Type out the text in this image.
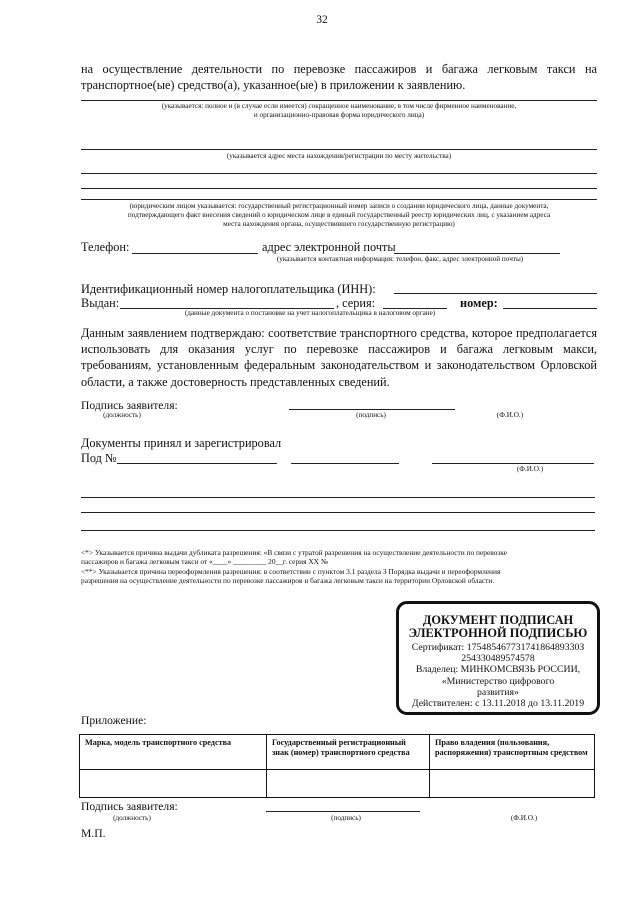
32
на осуществление деятельности по перевозке пассажиров и багажа легковым такси на
транспортное(ые) средство(а), указанное(ые) в приложении к заявлению.
(указывается: полное и (в случае если имеется) сокращенное наименование, в том числе фирменное наименование,
и организационно-правовая форма юридического лица)
(указывается адрес места нахождения/регистрации по месту жительства)
(юридическим лицом указывается: государственный регистрационный номер записи о создании юридического лица, данные документа,
подтверждающего факт внесения сведений о юридическом лице в единый государственный реестр юридических лиц, с указанием адреса
места нахождения органа, осуществившего государственную регистрацию)
Телефон:	адрес электронной почты
(указывается контактная информация: телефон, факс, адрес электронной почты)
Идентификационный номер налогоплательщика (ИНН):
Выдан:	, серия:	номер:
(данные документа о постановке на учет налогоплательщика в налоговом органе)
Данным заявлением подтверждаю: соответствие транспортного средства, которое предполагается использовать для оказания услуг по перевозке пассажиров и багажа легковым макси, требованиям, установленным федеральным законодательством и законодательством Орловской области, а также достоверность представленных сведений.
Подпись заявителя:
(должность)	(подпись)	(Ф.И.О.)
Документы принял и зарегистрировал
Под №
(Ф.И.О.)
<*> Указывается причина выдачи дубликата разрешения: «В связи с утратой разрешения на осуществление деятельности по перевозке
пассажиров и багажа легковым такси от «____» _________ 20__г. серия ХХ №
<**> Указывается причина переоформления разрешения: в соответствии с пунктом 3.1 раздела 3 Порядка выдачи и переоформления
разрешения на осуществление деятельности по перевозке пассажиров и багажа легковым такси на территории Орловской области.
ДОКУМЕНТ ПОДПИСАН
ЭЛЕКТРОННОЙ ПОДПИСЬЮ
Сертификат: 17548546773174186489330З
254330489574578
Владелец: МИНКОМСВЯЗЬ РОССИИ,
«Министерство цифрового
развития»
Действителен: с 13.11.2018 до 13.11.2019
Приложение:
Марка, модель транспортного средства	Государственный регистрационный знак (номер) транспортного средства	Право владения (пользования, распоряжения) транспортным средством

Подпись заявителя:
(должность)	(подпись)	(Ф.И.О.)
М.П.
